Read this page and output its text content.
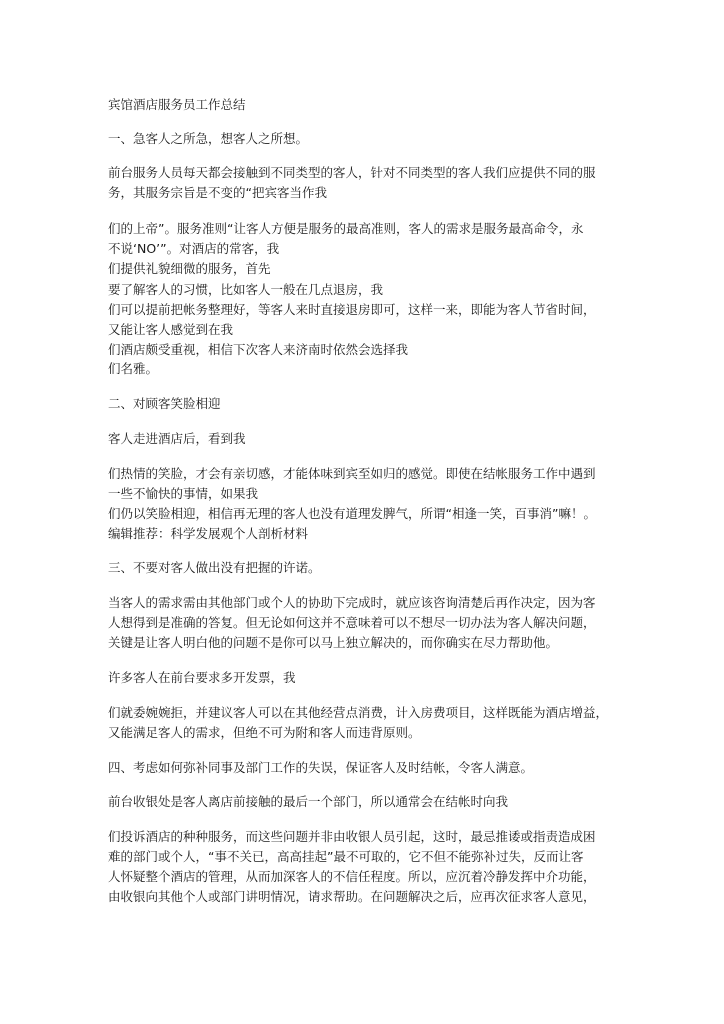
宾馆酒店服务员工作总结
一、急客人之所急，想客人之所想。
前台服务人员每天都会接触到不同类型的客人，针对不同类型的客人我们应提供不同的服
务，其服务宗旨是不变的“把宾客当作我
们的上帝”。服务准则“让客人方便是服务的最高准则，客人的需求是服务最高命令，永
不说‘NO’”。对酒店的常客，我
们提供礼貌细微的服务，首先
要了解客人的习惯，比如客人一般在几点退房，我
们可以提前把帐务整理好，等客人来时直接退房即可，这样一来，即能为客人节省时间，
又能让客人感觉到在我
们酒店颇受重视，相信下次客人来济南时依然会选择我
们名雅。
二、对顾客笑脸相迎
客人走进酒店后，看到我
们热情的笑脸，才会有亲切感，才能体味到宾至如归的感觉。即使在结帐服务工作中遇到
一些不愉快的事情，如果我
们仍以笑脸相迎，相信再无理的客人也没有道理发脾气，所谓“相逢一笑，百事消”嘛！。
编辑推荐：科学发展观个人剖析材料
三、不要对客人做出没有把握的许诺。
当客人的需求需由其他部门或个人的协助下完成时，就应该咨询清楚后再作决定，因为客
人想得到是准确的答复。但无论如何这并不意味着可以不想尽一切办法为客人解决问题，
关键是让客人明白他的问题不是你可以马上独立解决的，而你确实在尽力帮助他。
许多客人在前台要求多开发票，我
们就委婉婉拒，并建议客人可以在其他经营点消费，计入房费项目，这样既能为酒店增益，
又能满足客人的需求，但绝不可为附和客人而违背原则。
四、考虑如何弥补同事及部门工作的失误，保证客人及时结帐，令客人满意。
前台收银处是客人离店前接触的最后一个部门，所以通常会在结帐时向我
们投诉酒店的种种服务，而这些问题并非由收银人员引起，这时，最忌推诿或指责造成困
难的部门或个人，“事不关已，高高挂起”最不可取的，它不但不能弥补过失，反而让客
人怀疑整个酒店的管理，从而加深客人的不信任程度。所以，应沉着冷静发挥中介功能，
由收银向其他个人或部门讲明情况，请求帮助。在问题解决之后，应再次征求客人意见，
